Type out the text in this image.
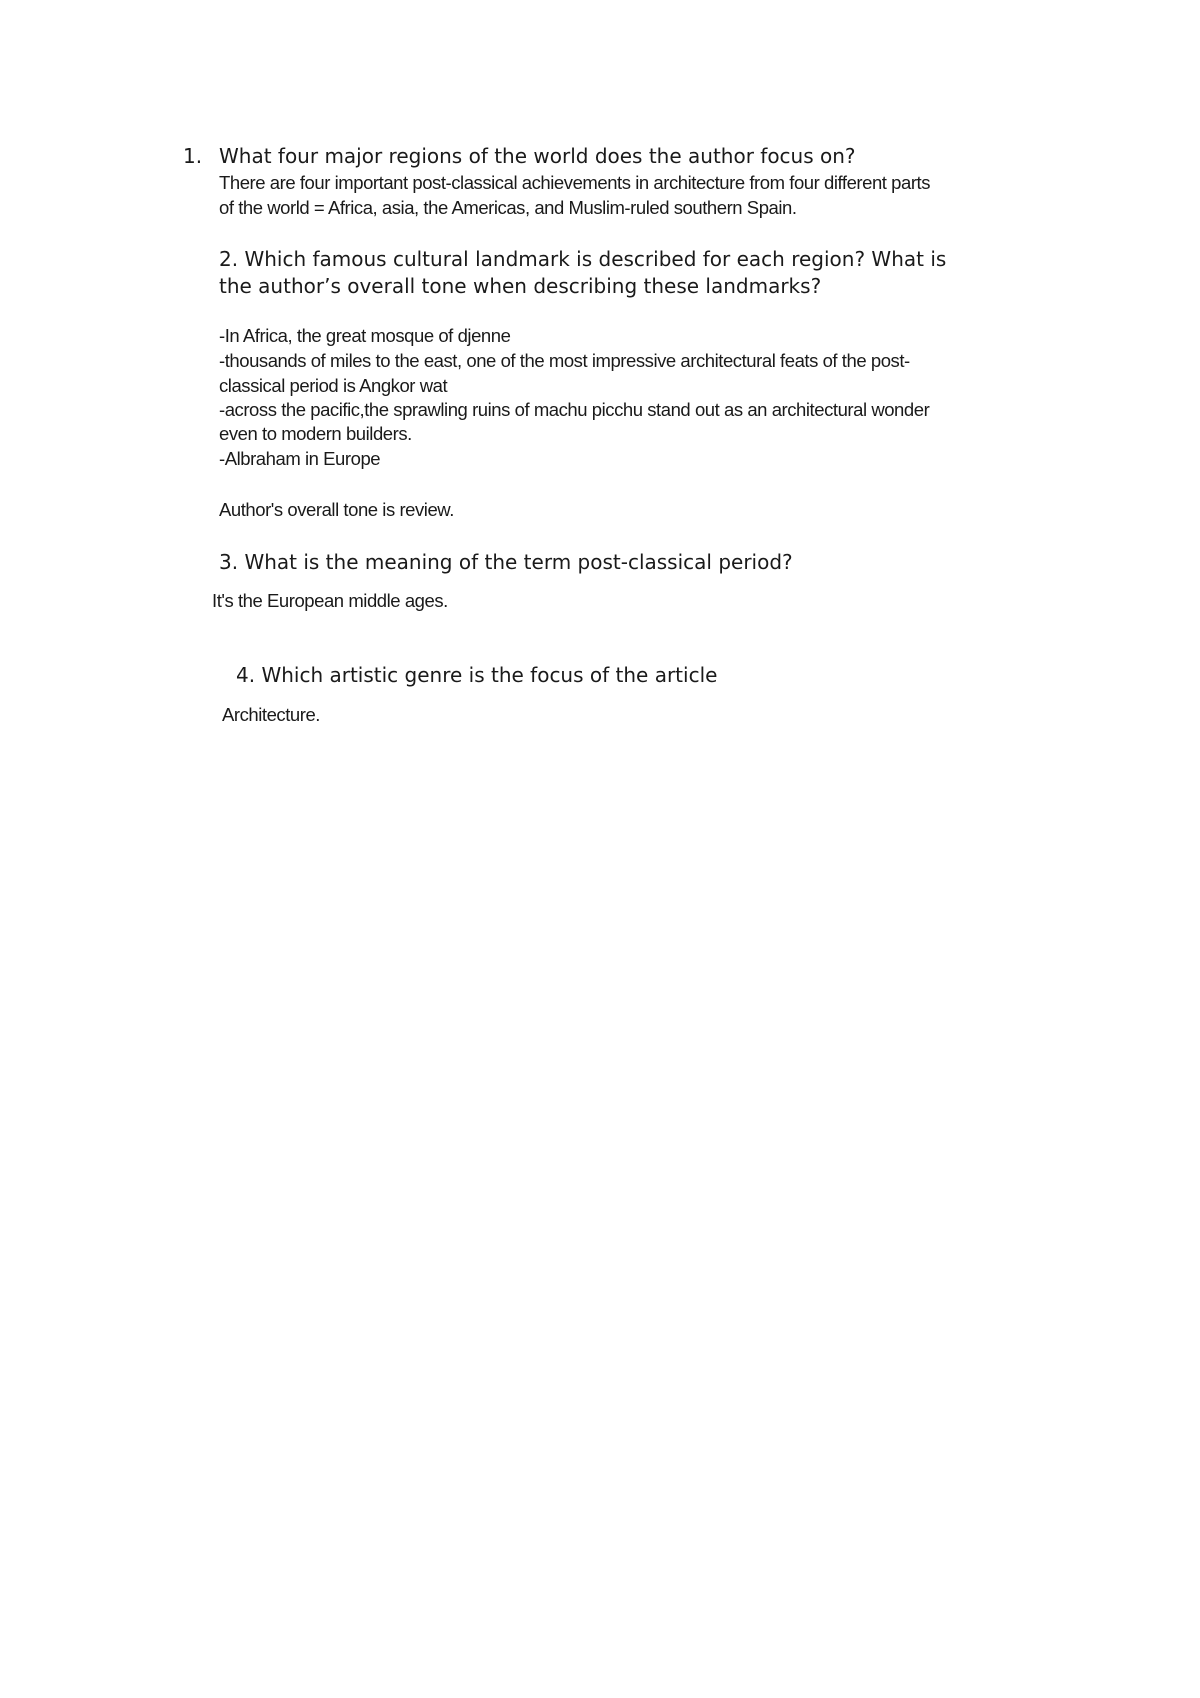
1. What four major regions of the world does the author focus on?

There are four important post-classical achievements in architecture from four different parts

of the world = Africa, asia, the Americas, and Muslim-ruled southern Spain.

2. Which famous cultural landmark is described for each region? What is

the author’s overall tone when describing these landmarks?

-In Africa, the great mosque of djenne

-thousands of miles to the east, one of the most impressive architectural feats of the post-

classical period is Angkor wat

-across the pacific,the sprawling ruins of machu picchu stand out as an architectural wonder

even to modern builders.

-Albraham in Europe

Author's overall tone is review.

3. What is the meaning of the term post-classical period?

It's the European middle ages.

4. Which artistic genre is the focus of the article

Architecture.
